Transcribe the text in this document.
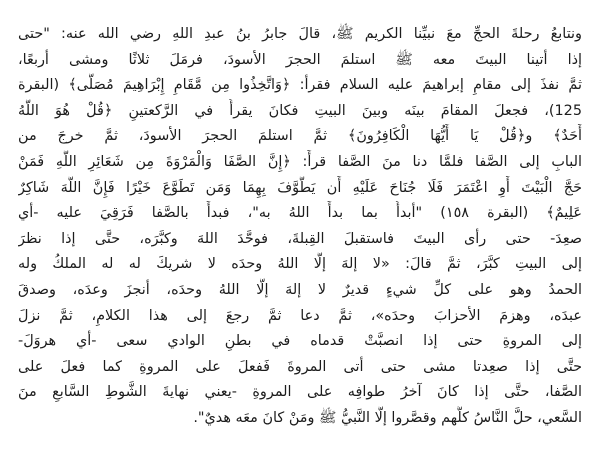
ونتابعُ رحلةَ الحجِّ معَ نبيِّنا الكريم ﷺ، قالَ جابرُ بنُ عبدِ اللهِ رضي الله عنه: "حتى
إذا أتينا البيتَ معه ﷺ استلمَ الحجرَ الأسودَ، فرمَلَ ثلاثًا ومشى أربعًا،
ثمَّ نفذَ إلى مقامِ إبراهيمَ عليه السلام فقرأ: ﴿وَاتَّخِذُوا مِن مَّقَامِ إِبْرَاهِيمَ مُصَلًّى﴾ (البقرة
125)، فجعلَ المقامَ بينَه وبينَ البيتِ فكانَ يقرأُ في الرَّكعتينِ ﴿قُلْ هُوَ اللَّهُ
أَحَدٌ﴾ و﴿قُلْ يَا أَيُّهَا الْكَافِرُونَ﴾ ثمَّ استلمَ الحجرَ الأسودَ، ثمَّ خرجَ من
البابِ إلى الصَّفا فلمَّا دنا منَ الصَّفا قرأَ: ﴿إِنَّ الصَّفَا وَالْمَرْوَةَ مِن شَعَائِرِ اللَّهِ فَمَنْ
حَجَّ الْبَيْتَ أَوِ اعْتَمَرَ فَلَا جُنَاحَ عَلَيْهِ أَن يَطَّوَّفَ بِهِمَا وَمَن تَطَوَّعَ خَيْرًا فَإِنَّ اللَّهَ شَاكِرٌ
عَلِيمٌ﴾ (البقرة ١٥٨) "أبدأُ بما بدأَ اللهُ به"، فبدأَ بالصَّفا فَرَقِيَ عليه -أي
صعِدَ- حتى رأى البيتَ فاستقبلَ القِبلةَ، فوحَّدَ اللهَ وكبَّرَه، حتَّى إذا نظرَ
إلى البيتِ كبَّرَ، ثمَّ قالَ: «لا إلهَ إلَّا اللهُ وحدَه لا شريكَ له له الملكُ وله
الحمدُ وهو على كلِّ شيءٍ قديرٌ لا إلهَ إلَّا اللهُ وحدَه، أنجزَ وعدَه، وصدقَ
عبدَه، وهزمَ الأحزابَ وحدَه»، ثمَّ دعا ثمَّ رجعَ إلى هذا الكلامِ، ثمَّ نزلَ
إلى المروةِ حتى إذا انصبَّتْ قدماه في بطنِ الوادي سعى -أي هروَلَ-
حتَّى إذا صعِدتا مشى حتى أتى المروةَ فَفعلَ على المروةِ كما فعلَ على
الصَّفا، حتَّى إذا كانَ آخرُ طوافِه على المروةِ -يعني نهايةَ الشَّوطِ السَّابعِ منَ
السَّعي، حلَّ النَّاسُ كلُّهم وقصَّروا إلَّا النَّبيُّ ﷺ ومَنْ كانَ معَه هديٌ".
